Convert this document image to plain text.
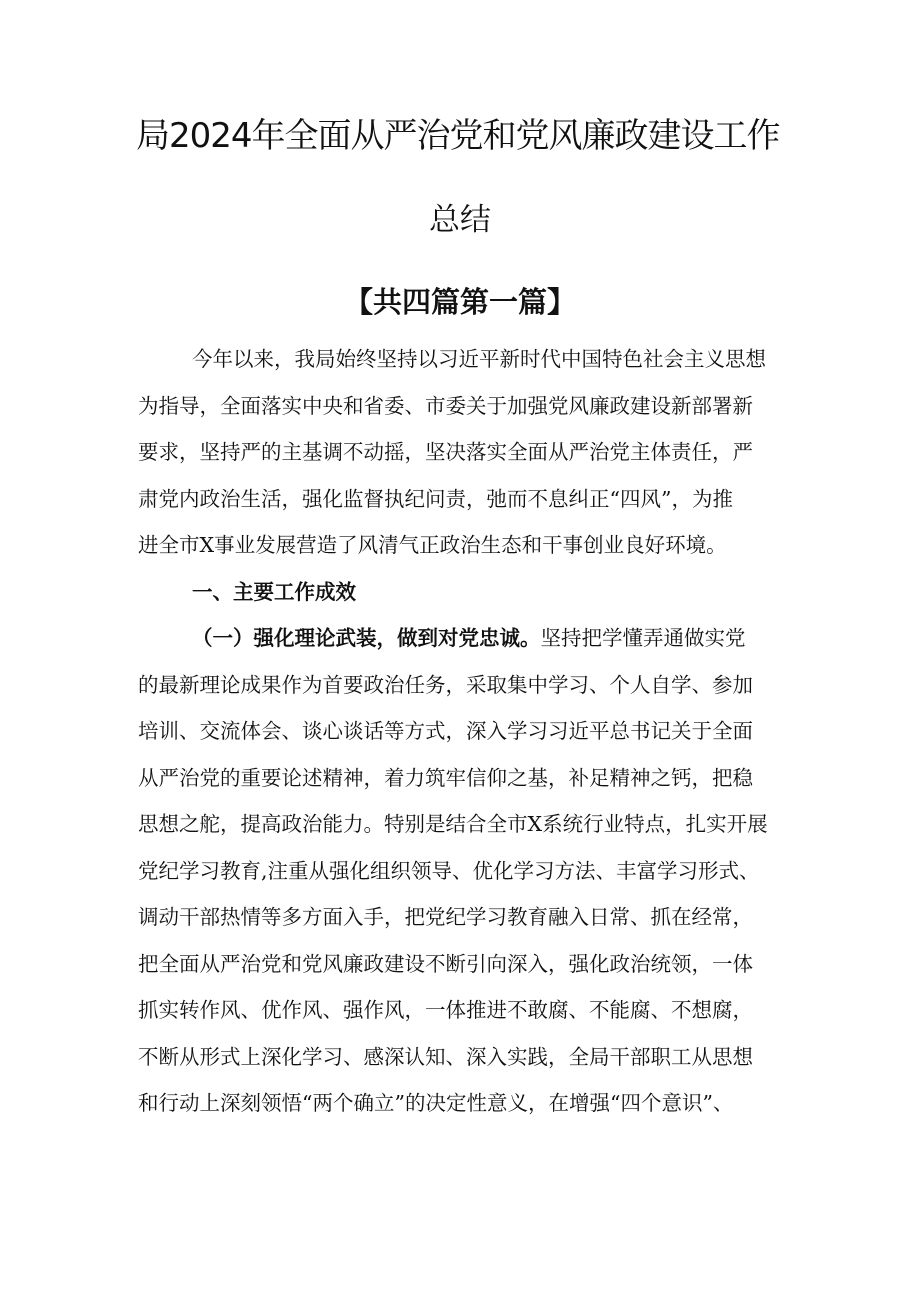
局2024年全面从严治党和党风廉政建设工作
总结
【共四篇第一篇】
今年以来，我局始终坚持以习近平新时代中国特色社会主义思想
为指导，全面落实中央和省委、市委关于加强党风廉政建设新部署新
要求，坚持严的主基调不动摇，坚决落实全面从严治党主体责任，严
肃党内政治生活，强化监督执纪问责，弛而不息纠正“四风”，为推
进全市X事业发展营造了风清气正政治生态和干事创业良好环境。
一、主要工作成效
（一）强化理论武装，做到对党忠诚。坚持把学懂弄通做实党
的最新理论成果作为首要政治任务，采取集中学习、个人自学、参加
培训、交流体会、谈心谈话等方式，深入学习习近平总书记关于全面
从严治党的重要论述精神，着力筑牢信仰之基，补足精神之钙，把稳
思想之舵，提高政治能力。特别是结合全市X系统行业特点，扎实开展
党纪学习教育,注重从强化组织领导、优化学习方法、丰富学习形式、
调动干部热情等多方面入手，把党纪学习教育融入日常、抓在经常，
把全面从严治党和党风廉政建设不断引向深入，强化政治统领，一体
抓实转作风、优作风、强作风，一体推进不敢腐、不能腐、不想腐，
不断从形式上深化学习、感深认知、深入实践，全局干部职工从思想
和行动上深刻领悟“两个确立”的决定性意义，在增强“四个意识”、
